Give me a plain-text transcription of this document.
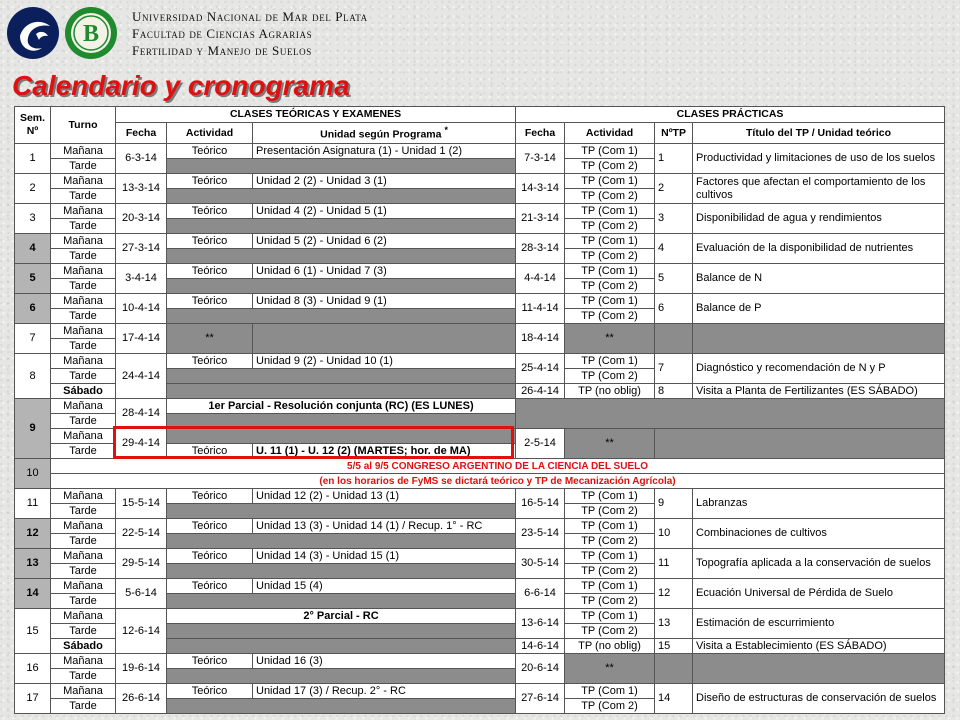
B
Universidad Nacional de Mar del Plata
Facultad de Ciencias Agrarias
Fertilidad y Manejo de Suelos
Calendario y cronograma
Sem. Nº	Turno	CLASES TEÓRICAS Y EXAMENES			CLASES PRÁCTICAS			
		Fecha	Actividad	Unidad según Programa *	Fecha	Actividad	NºTP	Título del TP / Unidad teórico
1	Mañana	6-3-14	Teórico	Presentación Asignatura (1) - Unidad 1 (2)	7-3-14	TP (Com 1)	1	Productividad y limitaciones de uso de los suelos
	Tarde					TP (Com 2)		
2	Mañana	13-3-14	Teórico	Unidad 2 (2) - Unidad 3 (1)	14-3-14	TP (Com 1)	2	Factores que afectan el comportamiento de los cultivos
	Tarde					TP (Com 2)		
3	Mañana	20-3-14	Teórico	Unidad 4 (2) - Unidad 5 (1)	21-3-14	TP (Com 1)	3	Disponibilidad de agua y rendimientos
	Tarde					TP (Com 2)		
4	Mañana	27-3-14	Teórico	Unidad 5 (2) - Unidad 6 (2)	28-3-14	TP (Com 1)	4	Evaluación de la disponibilidad de nutrientes
	Tarde					TP (Com 2)		
5	Mañana	3-4-14	Teórico	Unidad 6 (1) - Unidad 7 (3)	4-4-14	TP (Com 1)	5	Balance de N
	Tarde					TP (Com 2)		
6	Mañana	10-4-14	Teórico	Unidad 8 (3) - Unidad 9 (1)	11-4-14	TP (Com 1)	6	Balance de P
	Tarde					TP (Com 2)		
7	Mañana	17-4-14	**		18-4-14	**		
	Tarde							
8	Mañana	24-4-14	Teórico	Unidad 9 (2) - Unidad 10 (1)	25-4-14	TP (Com 1)	7	Diagnóstico y recomendación de N y P
	Tarde					TP (Com 2)		
	Sábado				26-4-14	TP (no oblig)	8	Visita a Planta de Fertilizantes (ES SÁBADO)
9	Mañana	28-4-14	1er Parcial - Resolución conjunta (RC) (ES LUNES)					
	Tarde							
	Mañana	29-4-14			2-5-14	**		
	Tarde		Teórico	U. 11 (1) - U. 12 (2) (MARTES; hor. de MA)				
10	5/5 al 9/5 CONGRESO ARGENTINO DE LA CIENCIA DEL SUELO							
	(en los horarios de FyMS se dictará teórico y TP de Mecanización Agrícola)							
11	Mañana	15-5-14	Teórico	Unidad 12 (2) - Unidad 13 (1)	16-5-14	TP (Com 1)	9	Labranzas
	Tarde					TP (Com 2)		
12	Mañana	22-5-14	Teórico	Unidad 13 (3) - Unidad 14 (1) / Recup. 1° - RC	23-5-14	TP (Com 1)	10	Combinaciones de cultivos
	Tarde					TP (Com 2)		
13	Mañana	29-5-14	Teórico	Unidad 14 (3) - Unidad 15 (1)	30-5-14	TP (Com 1)	11	Topografía aplicada a la conservación de suelos
	Tarde					TP (Com 2)		
14	Mañana	5-6-14	Teórico	Unidad 15 (4)	6-6-14	TP (Com 1)	12	Ecuación Universal de Pérdida de Suelo
	Tarde					TP (Com 2)		
15	Mañana	12-6-14	2° Parcial - RC		13-6-14	TP (Com 1)	13	Estimación de escurrimiento
	Tarde					TP (Com 2)		
	Sábado				14-6-14	TP (no oblig)	15	Visita a Establecimiento (ES SÁBADO)
16	Mañana	19-6-14	Teórico	Unidad 16 (3)	20-6-14	**		
	Tarde							
17	Mañana	26-6-14	Teórico	Unidad 17 (3) / Recup. 2° - RC	27-6-14	TP (Com 1)	14	Diseño de estructuras de conservación de suelos
	Tarde					TP (Com 2)		
